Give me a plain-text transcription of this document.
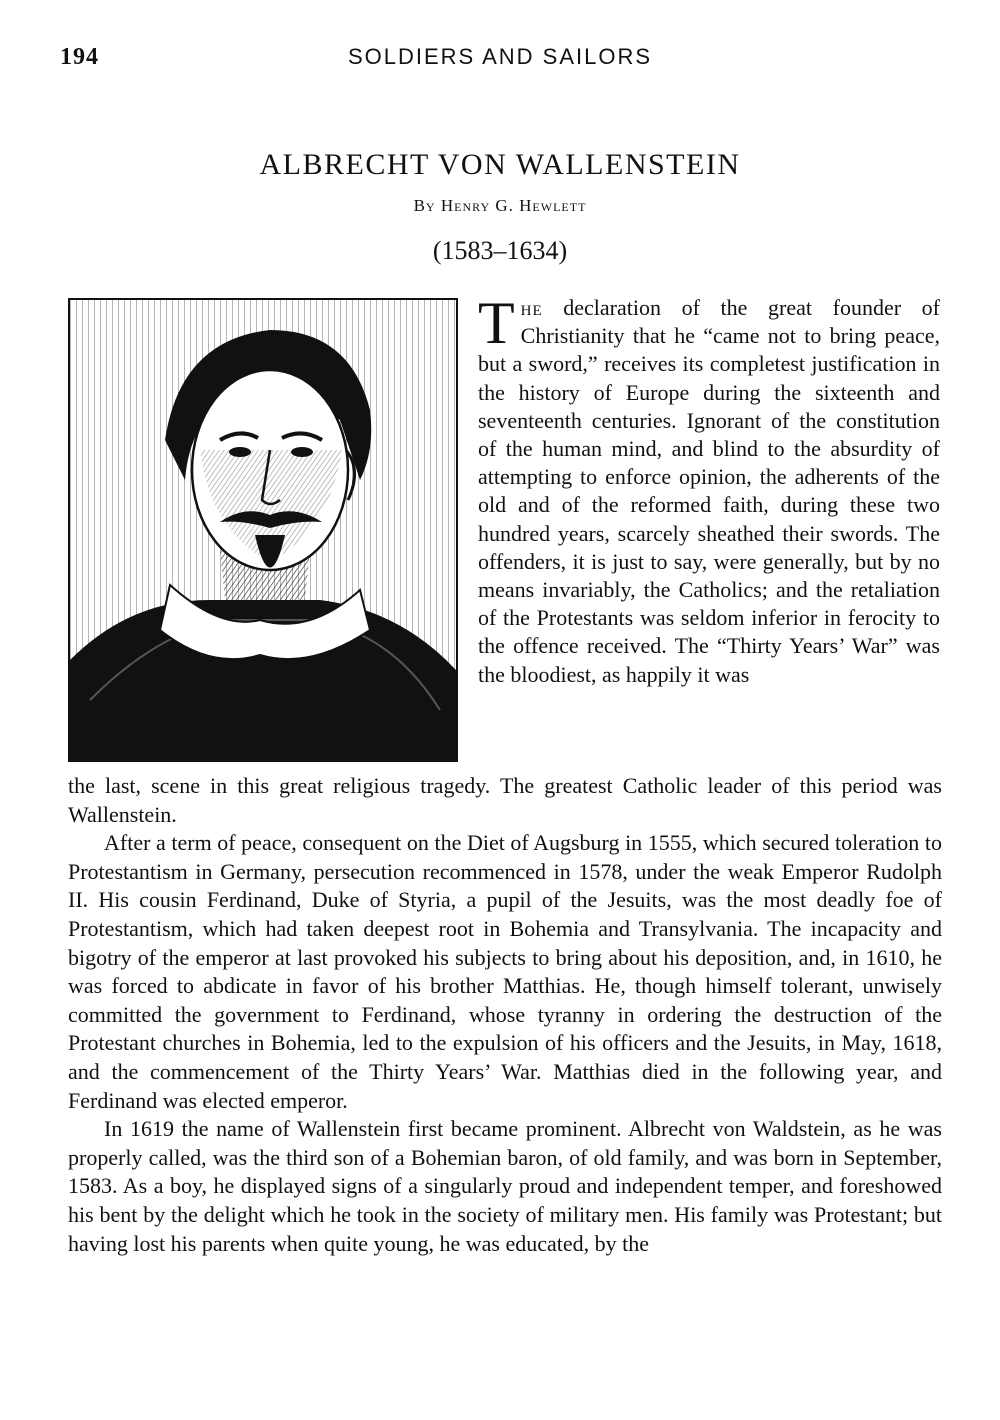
194	SOLDIERS AND SAILORS
ALBRECHT VON WALLENSTEIN
By Henry G. Hewlett
(1583–1634)

The declaration of the great founder of Christianity that he “came not to bring peace, but a sword,” receives its completest justification in the history of Europe during the sixteenth and seventeenth centuries. Ignorant of the constitution of the human mind, and blind to the absurdity of attempting to enforce opinion, the adherents of the old and of the reformed faith, during these two hundred years, scarcely sheathed their swords. The offenders, it is just to say, were generally, but by no means invariably, the Catholics; and the retaliation of the Protestants was seldom inferior in ferocity to the offence received. The “Thirty Years’ War” was the bloodiest, as happily it was

the last, scene in this great religious tragedy. The greatest Catholic leader of this period was Wallenstein.

After a term of peace, consequent on the Diet of Augsburg in 1555, which secured toleration to Protestantism in Germany, persecution recommenced in 1578, under the weak Emperor Rudolph II. His cousin Ferdinand, Duke of Styria, a pupil of the Jesuits, was the most deadly foe of Protestantism, which had taken deepest root in Bohemia and Transylvania. The incapacity and bigotry of the emperor at last provoked his subjects to bring about his deposition, and, in 1610, he was forced to abdicate in favor of his brother Matthias. He, though himself tolerant, unwisely committed the government to Ferdinand, whose tyranny in ordering the destruction of the Protestant churches in Bohemia, led to the expulsion of his officers and the Jesuits, in May, 1618, and the commencement of the Thirty Years’ War. Matthias died in the following year, and Ferdinand was elected emperor.

In 1619 the name of Wallenstein first became prominent. Albrecht von Waldstein, as he was properly called, was the third son of a Bohemian baron, of old family, and was born in September, 1583. As a boy, he displayed signs of a singularly proud and independent temper, and foreshowed his bent by the delight which he took in the society of military men. His family was Protestant; but having lost his parents when quite young, he was educated, by the
